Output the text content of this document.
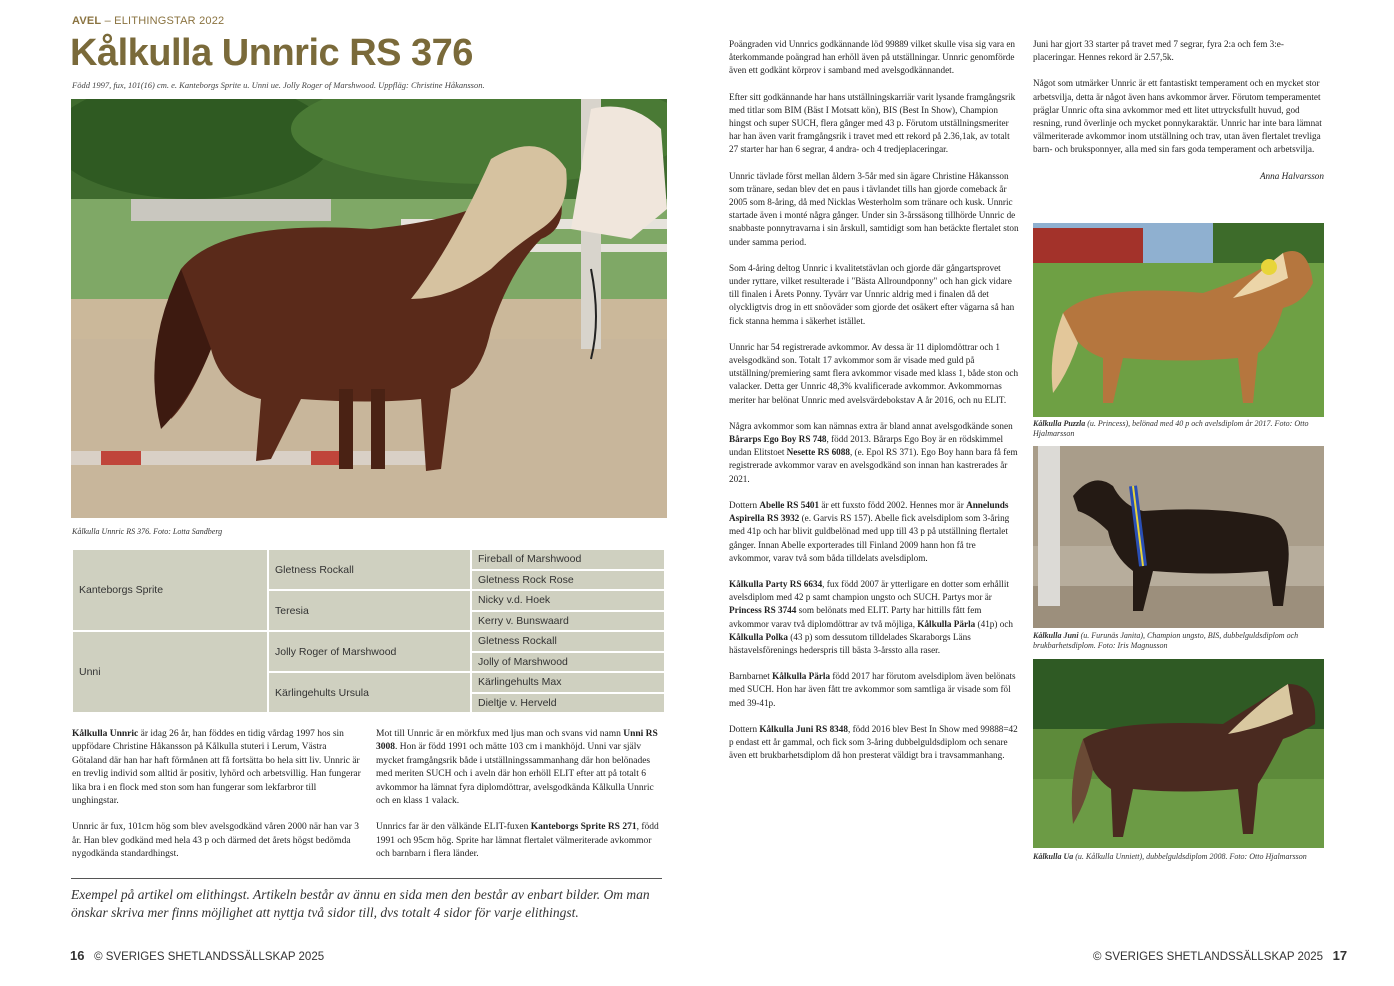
AVEL – ELITHINGSTAR 2022
Kålkulla Unnric RS 376
Född 1997, fux, 101(16) cm. e. Kanteborgs Sprite u. Unni ue. Jolly Roger of Marshwood. Uppfläg: Christine Håkansson.
Kålkulla Unnric RS 376. Foto: Lotta Sandberg
Kanteborgs Sprite	Gletness Rockall	Fireball of Marshwood
		Gletness Rock Rose
	Teresia	Nicky v.d. Hoek
		Kerry v. Bunswaard
Unni	Jolly Roger of Marshwood	Gletness Rockall
		Jolly of Marshwood
	Kärlingehults Ursula	Kärlingehults Max
		Dieltje v. Herveld

Kålkulla Unnric är idag 26 år, han föddes en tidig vårdag 1997 hos sin uppfödare Christine Håkansson på Kålkulla stuteri i Lerum, Västra Götaland där han har haft förmånen att få fortsätta bo hela sitt liv. Unnric är en trevlig individ som alltid är positiv, lyhörd och arbetsvillig. Han fungerar lika bra i en flock med ston som han fungerar som lekfarbror till unghingstar.

Unnric är fux, 101cm hög som blev avelsgodkänd våren 2000 när han var 3 år. Han blev godkänd med hela 43 p och därmed det årets högst bedömda nygodkända standardhingst.

Mot till Unnric är en mörkfux med ljus man och svans vid namn Unni RS 3008. Hon är född 1991 och mätte 103 cm i mankhöjd. Unni var själv mycket framgångsrik både i utställningssammanhang där hon belönades med meriten SUCH och i aveln där hon erhöll ELIT efter att på totalt 6 avkommor ha lämnat fyra diplomdöttrar, avelsgodkända Kålkulla Unnric och en klass 1 valack.

Unnrics far är den välkände ELIT-fuxen Kanteborgs Sprite RS 271, född 1991 och 95cm hög. Sprite har lämnat flertalet välmeriterade avkommor och barnbarn i flera länder.

Exempel på artikel om elithingst. Artikeln består av ännu en sida men den består av enbart bilder. Om man önskar skriva mer finns möjlighet att nyttja två sidor till, dvs totalt 4 sidor för varje elithingst.
16 © SVERIGES SHETLANDSSÄLLSKAP 2025

Poängraden vid Unnrics godkännande löd 99889 vilket skulle visa sig vara en återkommande poängrad han erhöll även på utställningar. Unnric genomförde även ett godkänt körprov i samband med avelsgodkännandet.

Efter sitt godkännande har hans utställningskarriär varit lysande framgångsrik med titlar som BIM (Bäst I Motsatt kön), BIS (Best In Show), Champion hingst och super SUCH, flera gånger med 43 p. Förutom utställningsmeriter har han även varit framgångsrik i travet med ett rekord på 2.36,1ak, av totalt 27 starter har han 6 segrar, 4 andra- och 4 tredjeplaceringar.

Unnric tävlade först mellan åldern 3-5år med sin ägare Christine Håkansson som tränare, sedan blev det en paus i tävlandet tills han gjorde comeback år 2005 som 8-åring, då med Nicklas Westerholm som tränare och kusk. Unnric startade även i monté några gånger. Under sin 3-årssäsong tillhörde Unnric de snabbaste ponnytravarna i sin årskull, samtidigt som han betäckte flertalet ston under samma period.

Som 4-åring deltog Unnric i kvalitetstävlan och gjorde där gångartsprovet under ryttare, vilket resulterade i "Bästa Allroundponny" och han gick vidare till finalen i Årets Ponny. Tyvärr var Unnric aldrig med i finalen då det olyckligtvis drog in ett snöoväder som gjorde det osäkert efter vägarna så han fick stanna hemma i säkerhet istället.

Unnric har 54 registrerade avkommor. Av dessa är 11 diplomdöttrar och 1 avelsgodkänd son. Totalt 17 avkommor som är visade med guld på utställning/premiering samt flera avkommor visade med klass 1, både ston och valacker. Detta ger Unnric 48,3% kvalificerade avkommor. Avkommornas meriter har belönat Unnric med avelsvärdebokstav A år 2016, och nu ELIT.

Några avkommor som kan nämnas extra är bland annat avelsgodkände sonen Bårarps Ego Boy RS 748, född 2013. Bårarps Ego Boy är en rödskimmel undan Elitstoet Nesette RS 6088, (e. Epol RS 371). Ego Boy hann bara få fem registrerade avkommor varav en avelsgodkänd son innan han kastrerades år 2021.

Dottern Abelle RS 5401 är ett fuxsto född 2002. Hennes mor är Annelunds Aspirella RS 3932 (e. Garvis RS 157). Abelle fick avelsdiplom som 3-åring med 41p och har blivit guldbelönad med upp till 43 p på utställning flertalet gånger. Innan Abelle exporterades till Finland 2009 hann hon få tre avkommor, varav två som båda tilldelats avelsdiplom.

Kålkulla Party RS 6634, fux född 2007 är ytterligare en dotter som erhållit avelsdiplom med 42 p samt champion ungsto och SUCH. Partys mor är Princess RS 3744 som belönats med ELIT. Party har hittills fått fem avkommor varav två diplomdöttrar av två möjliga, Kålkulla Pärla (41p) och Kålkulla Polka (43 p) som dessutom tilldelades Skaraborgs Läns hästavelsförenings hederspris till bästa 3-årssto alla raser.

Barnbarnet Kålkulla Pärla född 2017 har förutom avelsdiplom även belönats med SUCH. Hon har även fått tre avkommor som samtliga är visade som föl med 39-41p.

Dottern Kålkulla Juni RS 8348, född 2016 blev Best In Show med 99888=42 p endast ett år gammal, och fick som 3-åring dubbelguldsdiplom och senare även ett brukbarhetsdiplom då hon presterat väldigt bra i travsammanhang.

Juni har gjort 33 starter på travet med 7 segrar, fyra 2:a och fem 3:e-placeringar. Hennes rekord är 2.57,5k.

Något som utmärker Unnric är ett fantastiskt temperament och en mycket stor arbetsvilja, detta är något även hans avkommor ärver. Förutom temperamentet präglar Unnric ofta sina avkommor med ett litet uttrycksfullt huvud, god resning, rund överlinje och mycket ponnykaraktär. Unnric har inte bara lämnat välmeriterade avkommor inom utställning och trav, utan även flertalet trevliga barn- och bruksponnyer, alla med sin fars goda temperament och arbetsvilja.

Anna Halvarsson

Kålkulla Puzzla (u. Princess), belönad med 40 p och avelsdiplom år 2017. Foto: Otto Hjalmarsson
Kålkulla Juni (u. Furunäs Janita), Champion ungsto, BIS, dubbelguldsdiplom och brukbarhetsdiplom. Foto: Iris Magnusson
Kålkulla Ua (u. Kålkulla Unniett), dubbelguldsdiplom 2008. Foto: Otto Hjalmarsson
© SVERIGES SHETLANDSSÄLLSKAP 2025 17
